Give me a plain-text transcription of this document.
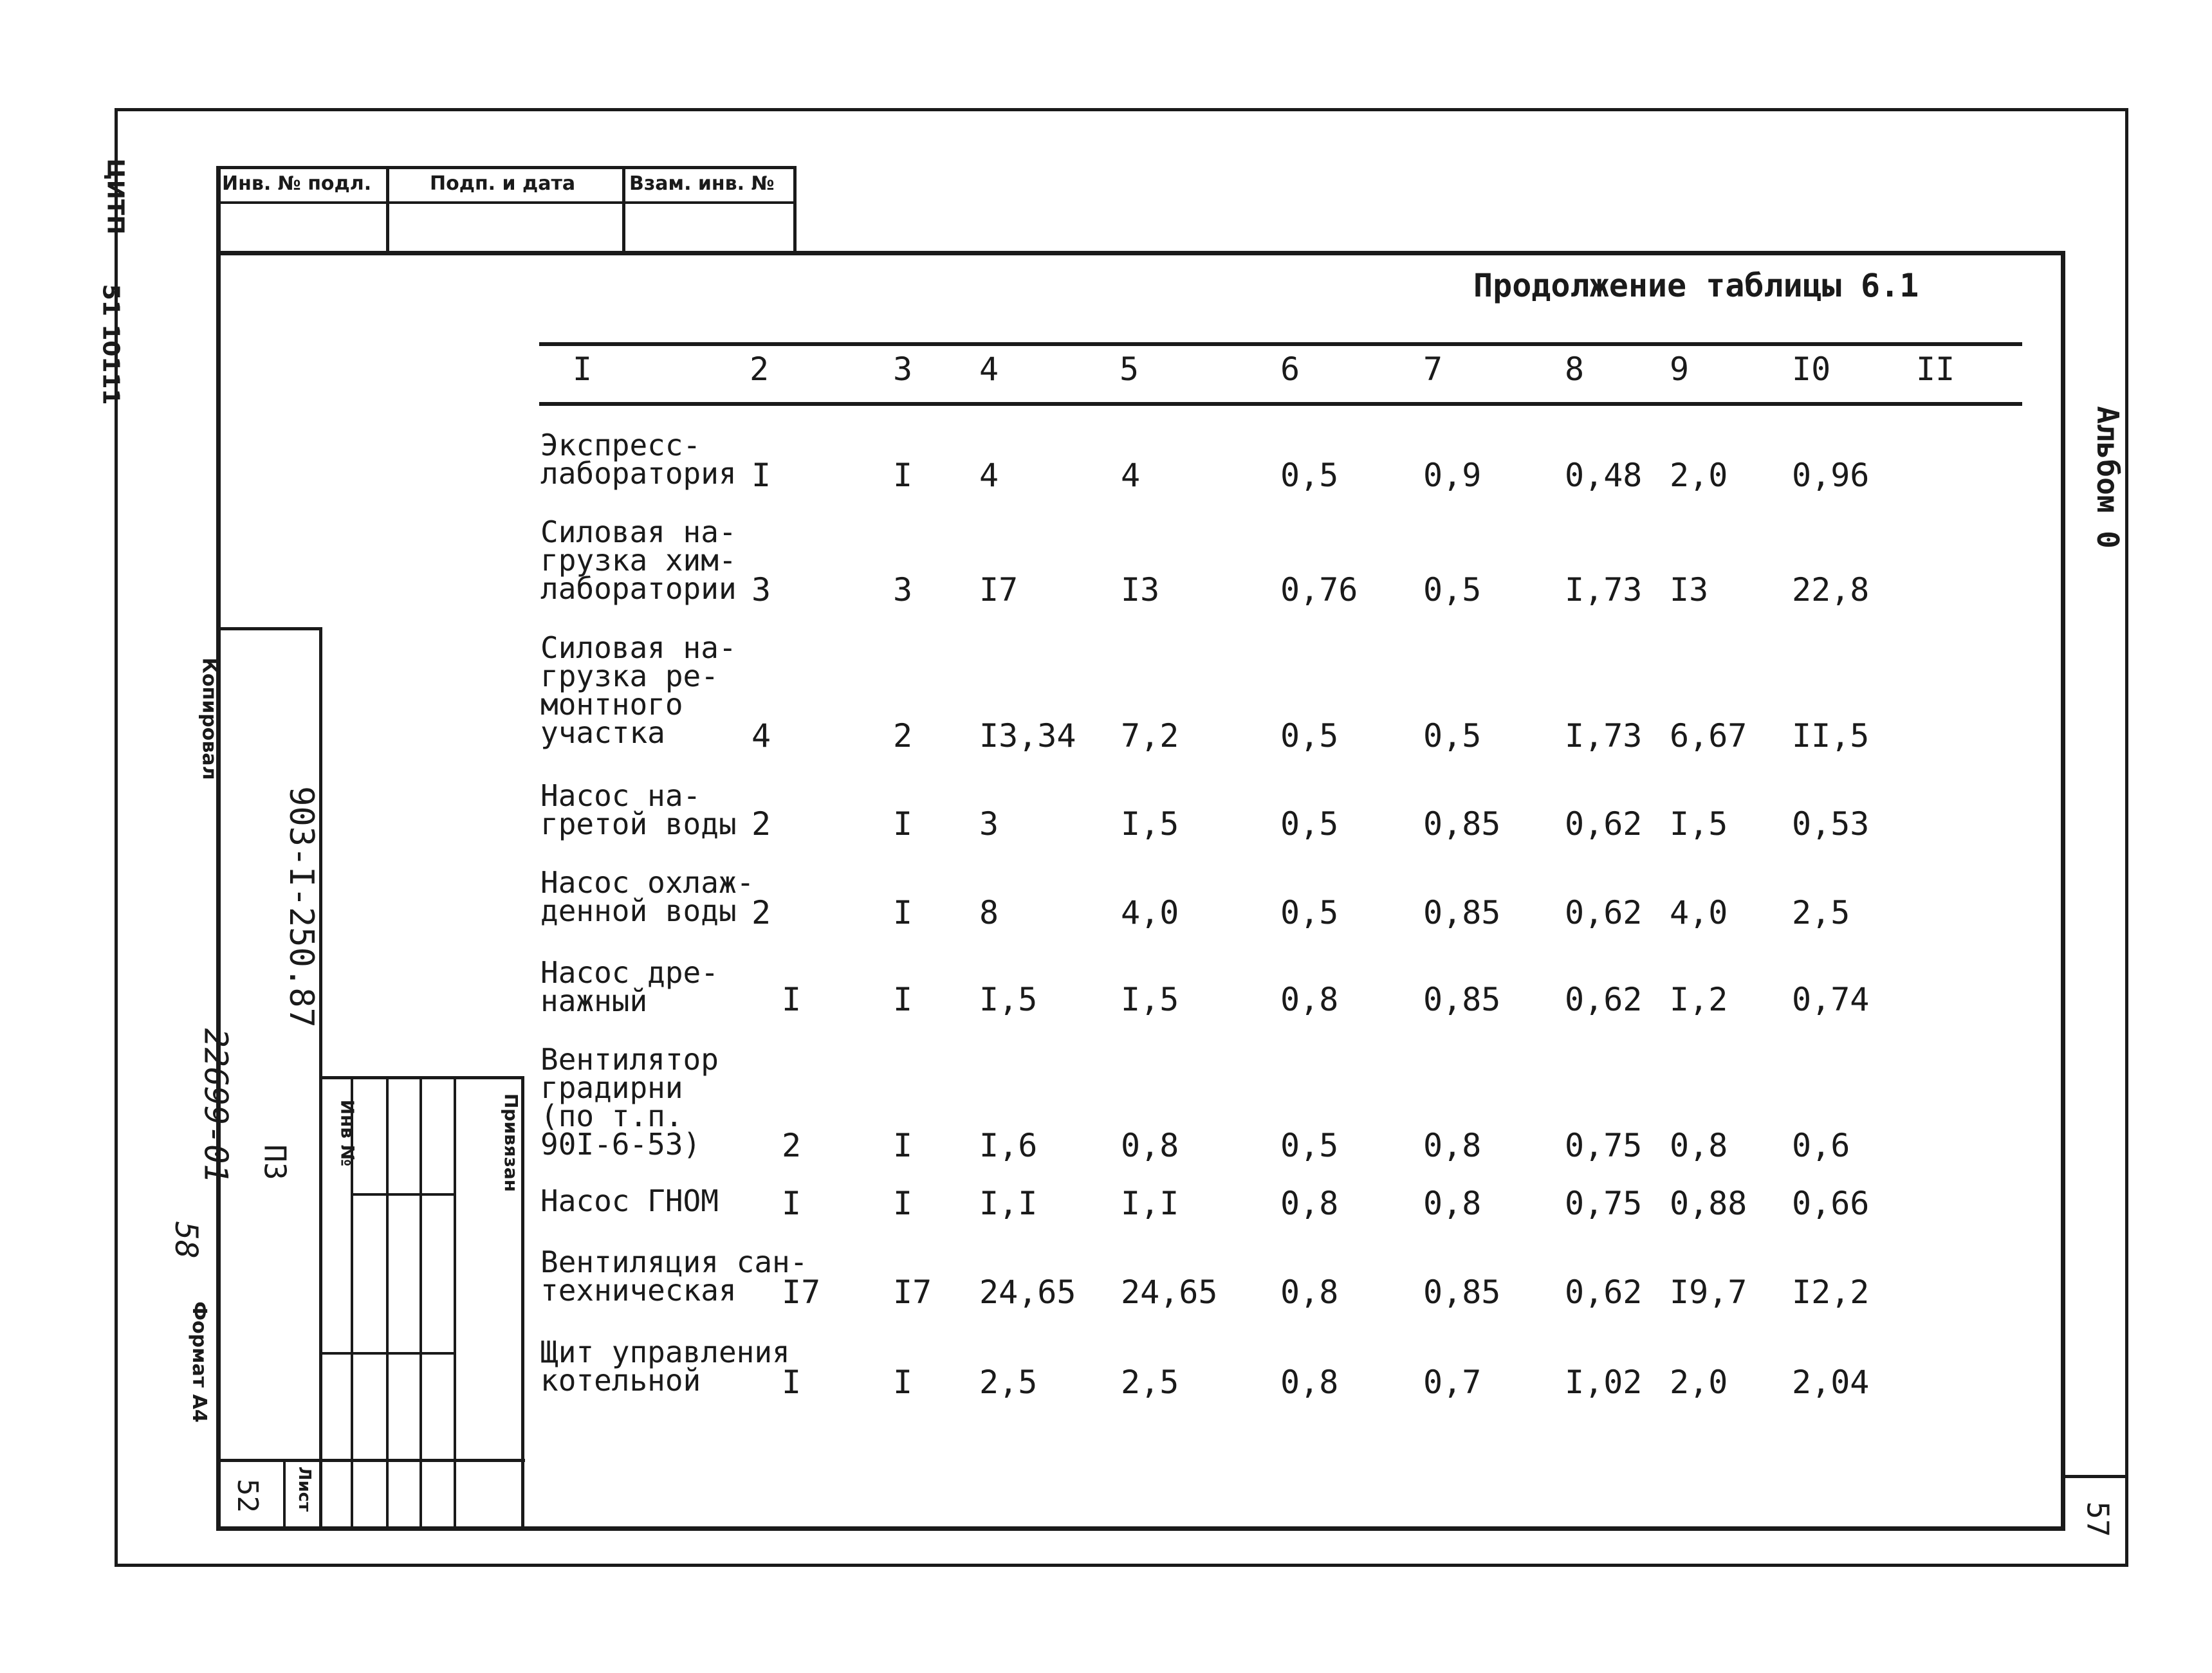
ЦИТП
51 10111
Инв. № подл.	Подп. и дата	Взам. инв. №
Продолжение таблицы 6.1
I	2	3 4	5	6	7	8	9	I0	II
Экспресс-
лаборатория I	I 4	4	0,5	0,9	0,48 2,0 0,96
Силовая на-
грузка хим-
лаборатории 3	3 I7	I3	0,76 0,5	I,73 I3	22,8
Силовая на-
грузка ре-
монтного
участка	4	2 I3,34 7,2	0,5	0,5	I,73 6,67 II,5
Насос на-
гретой воды 2	I 3	I,5	0,5	0,85 0,62 I,5 0,53
Насос охлаж-
денной воды 2	I 8	4,0	0,5	0,85 0,62 4,0 2,5
Насос дре-
нажный	I	I I,5	I,5	0,8	0,85 0,62 I,2 0,74
Вентилятор
градирни
(по т.п.
90I-6-53)	2	I I,6	0,8	0,5	0,8	0,75 0,8 0,6
Насос ГНОМ I	I I,I	I,I	0,8	0,8	0,75 0,88 0,66
Вентиляция сан-
техническая	I7 I7 24,65 24,65 0,8	0,85 0,62 I9,7 I2,2
Щит управления
котельной	I	I 2,5	2,5	0,8	0,7	I,02 2,0 2,04
Копировал
903-I-250.87
ПЗ
22699-01
58
Формат А4
Инв №	Привязан
52 Лист
Альбом 0
57
